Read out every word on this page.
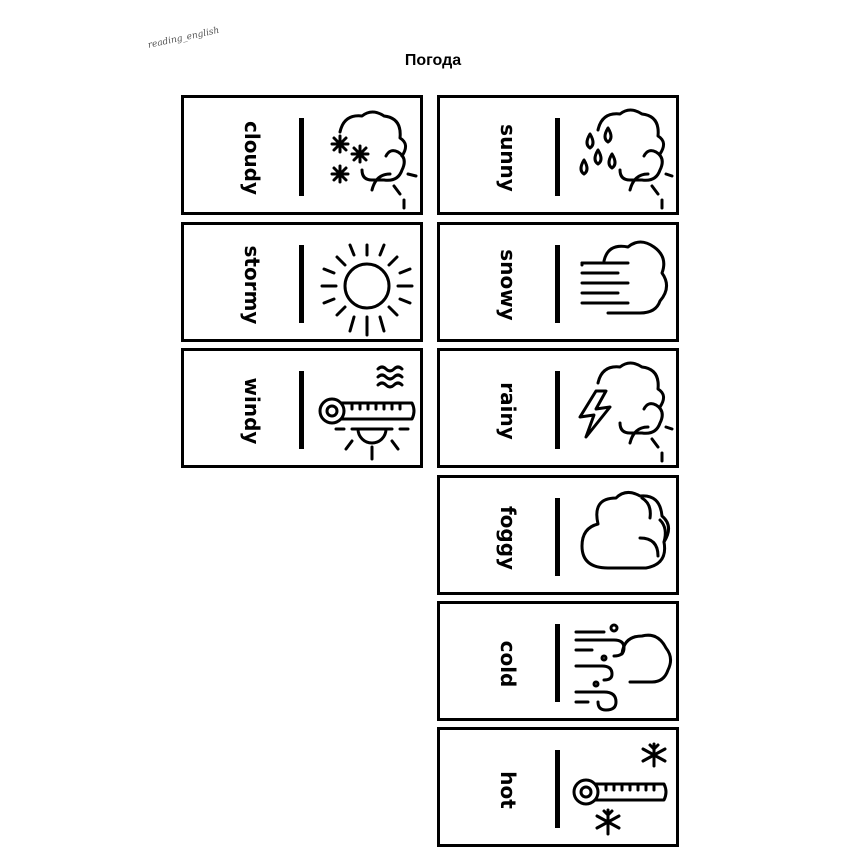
reading_english
Погода
cloudy
stormy
windy
sunny
snowy
rainy
foggy
cold
hot
